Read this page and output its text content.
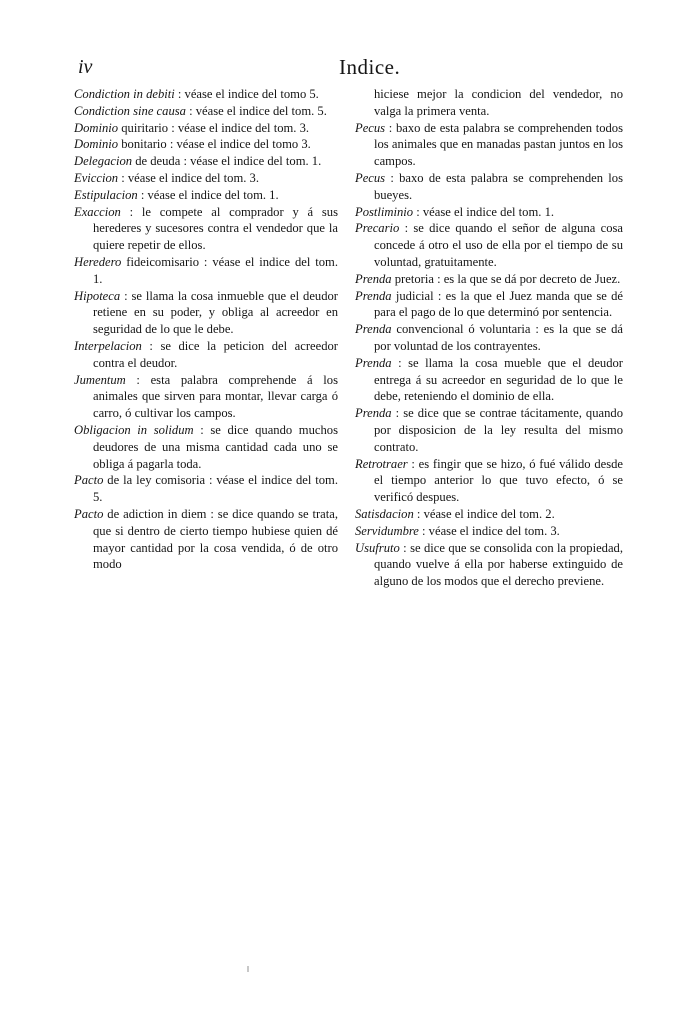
iv	Indice.

Condiction in debiti : véase el indice del tomo 5.

Condiction sine causa : véase el indice del tom. 5.

Dominio quiritario : véase el indice del tom. 3.

Dominio bonitario : véase el indice del tomo 3.

Delegacion de deuda : véase el indice del tom. 1.

Eviccion : véase el indice del tom. 3.

Estipulacion : véase el indice del tom. 1.

Exaccion : le compete al comprador y á sus herederes y sucesores contra el vendedor que la quiere repetir de ellos.

Heredero fideicomisario : véase el indice del tom. 1.

Hipoteca : se llama la cosa inmueble que el deudor retiene en su poder, y obliga al acreedor en seguridad de lo que le debe.

Interpelacion : se dice la peticion del acreedor contra el deudor.

Jumentum : esta palabra comprehende á los animales que sirven para montar, llevar carga ó carro, ó cultivar los campos.

Obligacion in solidum : se dice quando muchos deudores de una misma cantidad cada uno se obliga á pagarla toda.

Pacto de la ley comisoria : véase el indice del tom. 5.

Pacto de adiction in diem : se dice quando se trata, que si dentro de cierto tiempo hubiese quien dé mayor cantidad por la cosa vendida, ó de otro modo

hiciese mejor la condicion del vendedor, no valga la primera venta.

Pecus : baxo de esta palabra se comprehenden todos los animales que en manadas pastan juntos en los campos.

Pecus : baxo de esta palabra se comprehenden los bueyes.

Postliminio : véase el indice del tom. 1.

Precario : se dice quando el señor de alguna cosa concede á otro el uso de ella por el tiempo de su voluntad, gratuitamente.

Prenda pretoria : es la que se dá por decreto de Juez.

Prenda judicial : es la que el Juez manda que se dé para el pago de lo que determinó por sentencia.

Prenda convencional ó voluntaria : es la que se dá por voluntad de los contrayentes.

Prenda : se llama la cosa mueble que el deudor entrega á su acreedor en seguridad de lo que le debe, reteniendo el dominio de ella.

Prenda : se dice que se contrae tácitamente, quando por disposicion de la ley resulta del mismo contrato.

Retrotraer : es fingir que se hizo, ó fué válido desde el tiempo anterior lo que tuvo efecto, ó se verificó despues.

Satisdacion : véase el indice del tom. 2.

Servidumbre : véase el indice del tom. 3.

Usufruto : se dice que se consolida con la propiedad, quando vuelve á ella por haberse extinguido de alguno de los modos que el derecho previene.
